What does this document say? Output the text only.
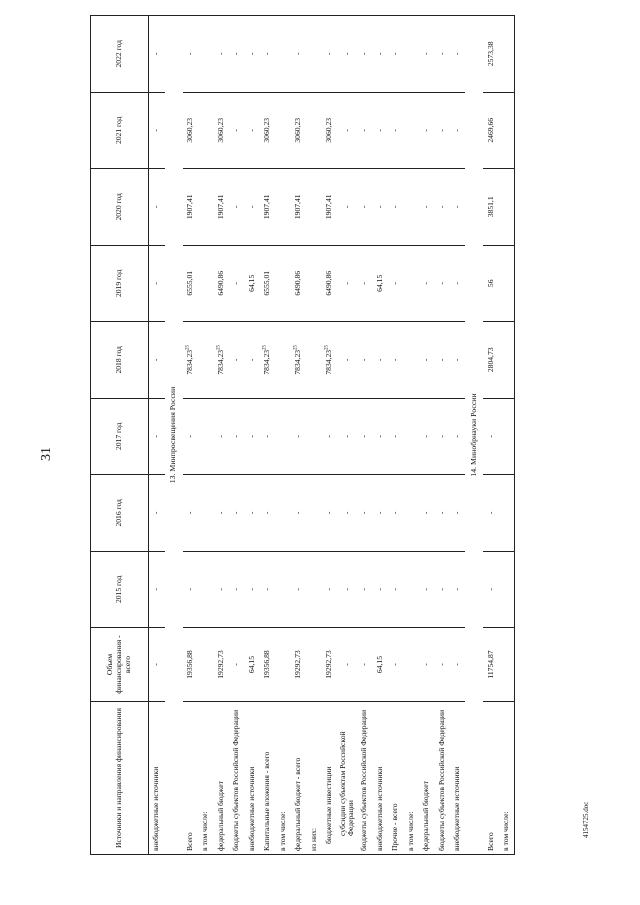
31
4154725.doc
Источники и направления финансирования	Объем финансирования - всего	2015 год	2016 год	2017 год	2018 год	2019 год	2020 год	2021 год	2022 год
внебюджетные источники	-	-	-	-	-	-	-	-	-
13. Минпросвещения России									
Всего	19356,88	-	-	-	7834,23$^{25}$	6555,01	1907,41	3060,23	-
в том числе:									
федеральный бюджет	19292,73	-	-	-	7834,23$^{25}$	6490,86	1907,41	3060,23	-
бюджеты субъектов Российской Федерации	-	-	-	-	-	-	-	-	-
внебюджетные источники	64,15	-	-	-	-	64,15	-	-	-
Капитальные вложения - всего	19356,88	-	-	-	7834,23$^{25}$	6555,01	1907,41	3060,23	-
в том числе:									
федеральный бюджет - всего	19292,73	-	-	-	7834,23$^{25}$	6490,86	1907,41	3060,23	-
из них:									
бюджетные инвестиции	19292,73	-	-	-	7834,23$^{25}$	6490,86	1907,41	3060,23	-
субсидии субъектам Российской Федерации	-	-	-	-	-	-	-	-	-
бюджеты субъектов Российской Федерации	-	-	-	-	-	-	-	-	-
внебюджетные источники	64,15	-	-	-	-	64,15	-	-	-
Прочие - всего	-	-	-	-	-	-	-	-	-
в том числе:									
федеральный бюджет	-	-	-	-	-	-	-	-	-
бюджеты субъектов Российской Федерации	-	-	-	-	-	-	-	-	-
внебюджетные источники	-	-	-	-	-	-	-	-	-
14. Минобрнауки России									
Всего	11754,87	-	-	-	2804,73	56	3851,1	2469,66	2573,38
в том числе:									
